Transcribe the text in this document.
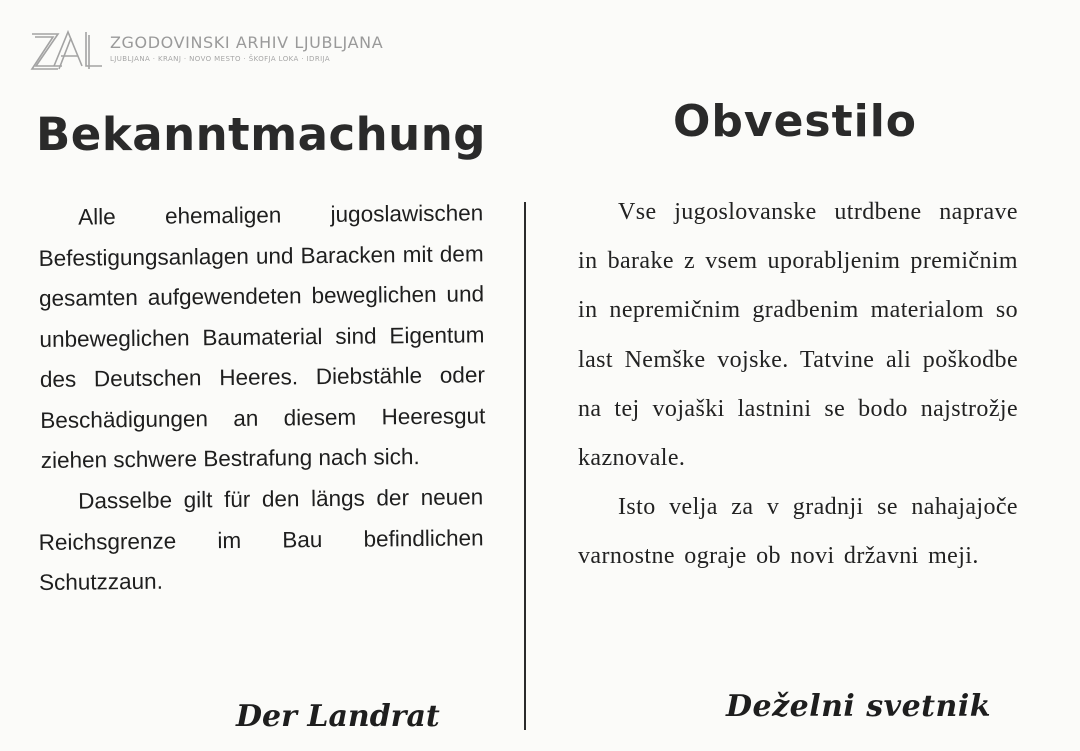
ZAL
ZGODOVINSKI ARHIV LJUBLJANA
LJUBLJANA · KRANJ · NOVO MESTO · ŠKOFJA LOKA · IDRIJA
Bekanntmachung	Obvestilo

Alle ehemaligen jugoslawischen Befestigungsanlagen und Baracken mit dem gesamten aufgewendeten beweglichen und unbeweglichen Baumaterial sind Eigentum des Deutschen Heeres. Diebstähle oder Beschädigungen an diesem Heeresgut ziehen schwere Bestrafung nach sich.

Dasselbe gilt für den längs der neuen Reichsgrenze im Bau befindlichen Schutzzaun.

Vse jugoslovanske utrdbene naprave in barake z vsem uporabljenim premičnim in nepremičnim gradbenim materialom so last Nemške vojske. Tatvine ali poškodbe na tej vojaški lastnini se bodo najstrožje kaznovale.

Isto velja za v gradnji se nahajajoče varnostne ograje ob novi državni meji.

Der Landrat	Deželni svetnik
